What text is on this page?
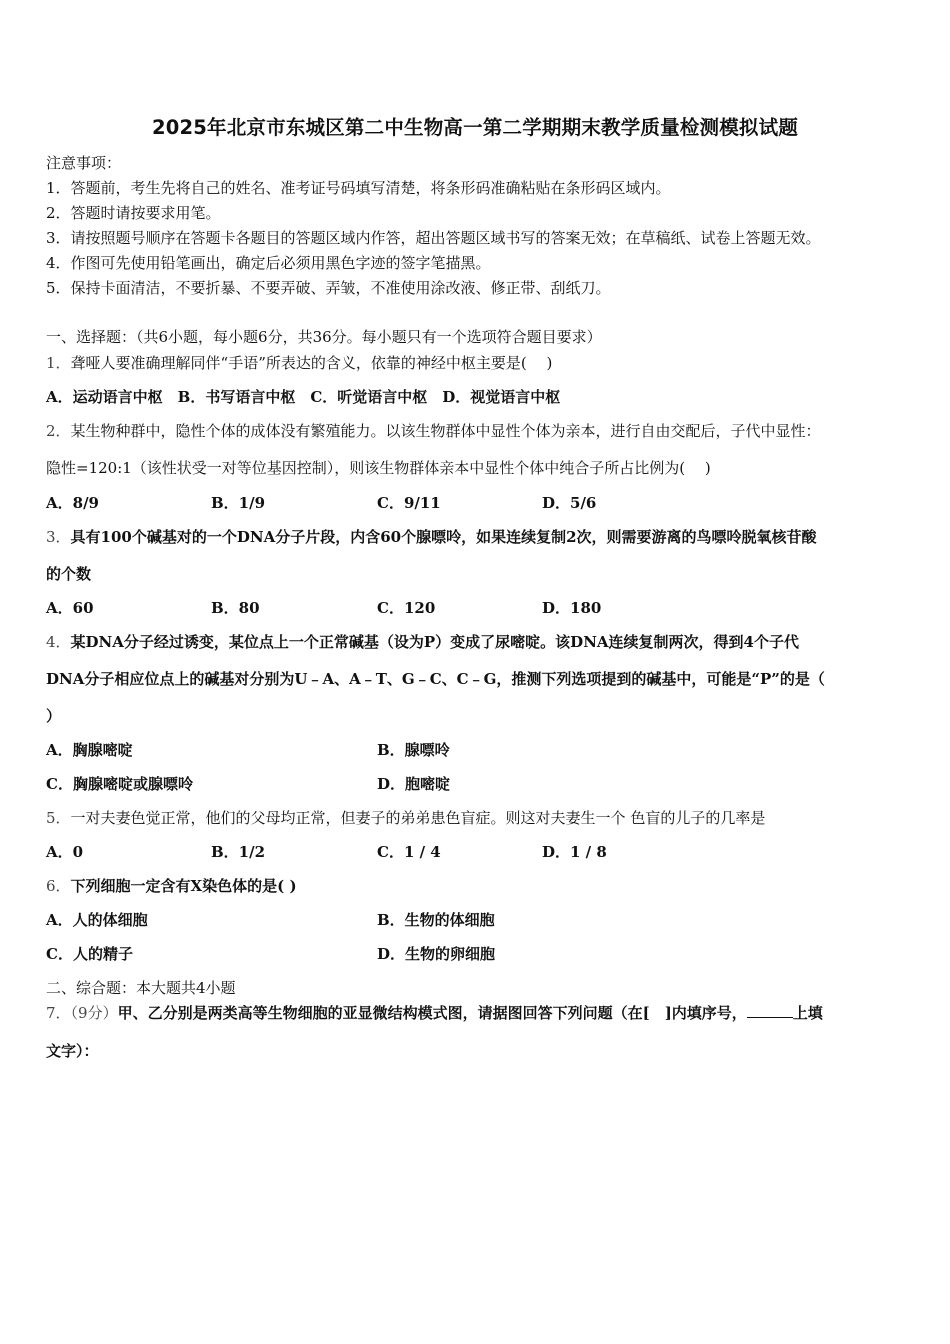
2025年北京市东城区第二中生物高一第二学期期末教学质量检测模拟试题
注意事项：
1．答题前，考生先将自己的姓名、准考证号码填写清楚，将条形码准确粘贴在条形码区域内。
2．答题时请按要求用笔。
3．请按照题号顺序在答题卡各题目的答题区域内作答，超出答题区域书写的答案无效；在草稿纸、试卷上答题无效。
4．作图可先使用铅笔画出，确定后必须用黑色字迹的签字笔描黑。
5．保持卡面清洁，不要折暴、不要弄破、弄皱，不准使用涂改液、修正带、刮纸刀。
一、选择题：（共6小题，每小题6分，共36分。每小题只有一个选项符合题目要求）
1．聋哑人要准确理解同伴“手语”所表达的含义，依靠的神经中枢主要是(　 )
A．运动语言中枢　B．书写语言中枢　C．听觉语言中枢　D．视觉语言中枢
2．某生物种群中，隐性个体的成体没有繁殖能力。以该生物群体中显性个体为亲本，进行自由交配后，子代中显性：
隐性=120:1（该性状受一对等位基因控制），则该生物群体亲本中显性个体中纯合子所占比例为(　 )
A．8/9	B．1/9	C．9/11	D．5/6
3．具有100个碱基对的一个DNA分子片段，内含60个腺嘌呤，如果连续复制2次，则需要游离的鸟嘌呤脱氧核苷酸
的个数
A．60	B．80	C．120	D．180
4．某DNA分子经过诱变，某位点上一个正常碱基（设为P）变成了尿嘧啶。该DNA连续复制两次，得到4个子代
DNA分子相应位点上的碱基对分别为U﹣A、A﹣T、G﹣C、C﹣G，推测下列选项提到的碱基中，可能是“P”的是（
）
A．胸腺嘧啶	B．腺嘌呤
C．胸腺嘧啶或腺嘌呤	D．胞嘧啶
5．一对夫妻色觉正常，他们的父母均正常，但妻子的弟弟患色盲症。则这对夫妻生一个 色盲的儿子的几率是
A．0	B．1/2	C．1 / 4	D．1 / 8
6．下列细胞一定含有X染色体的是( )
A．人的体细胞	B．生物的体细胞
C．人的精子	D．生物的卵细胞
二、综合题：本大题共4小题
7．（9分）甲、乙分别是两类高等生物细胞的亚显微结构模式图，请据图回答下列问题（在[　]内填序号，	上填
文字）：
